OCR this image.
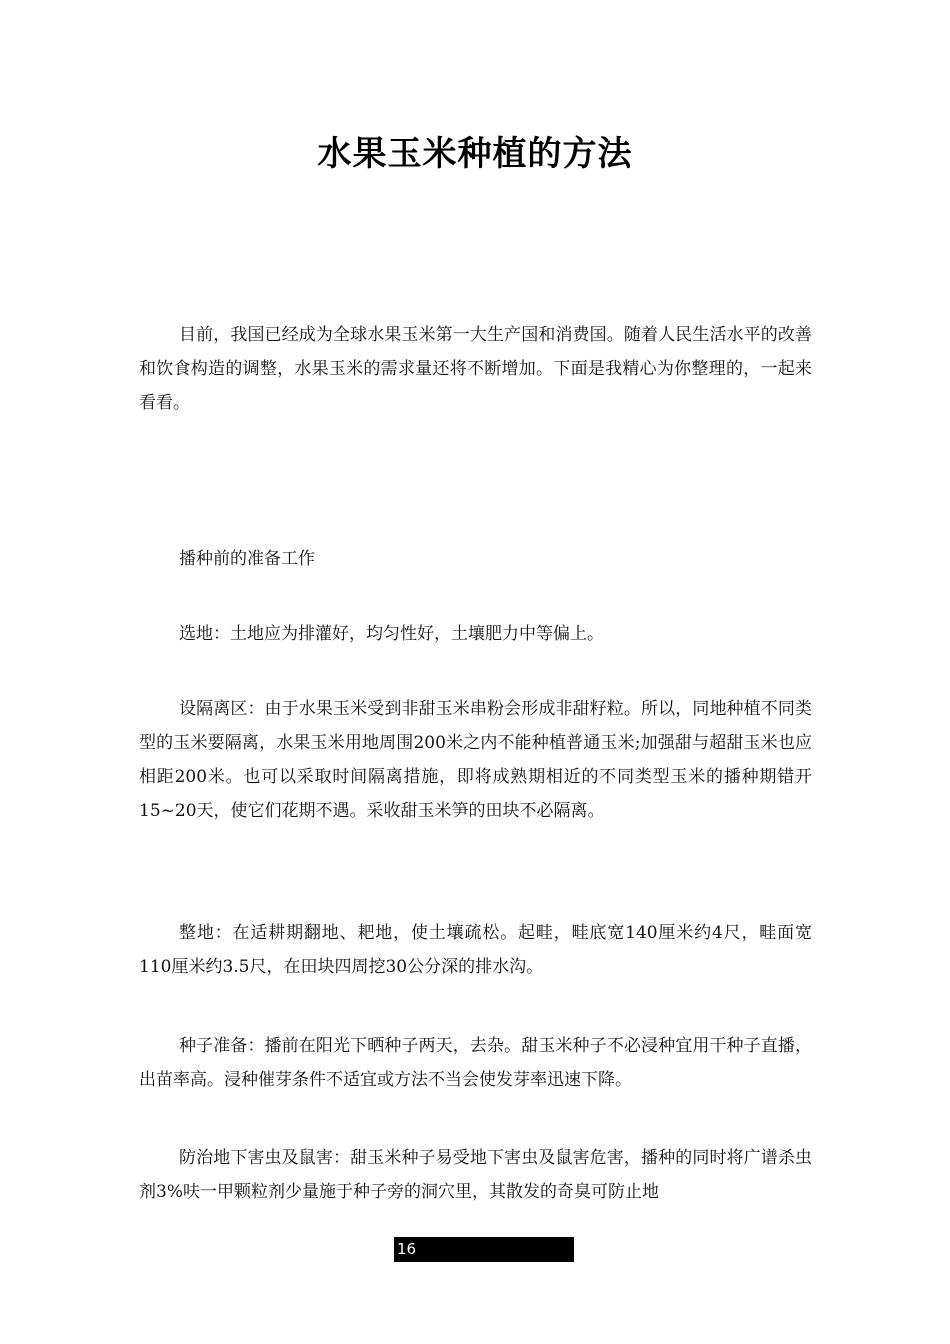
水果玉米种植的方法

目前，我国已经成为全球水果玉米第一大生产国和消费国。随着人民生活水平的改善和饮食构造的调整，水果玉米的需求量还将不断增加。下面是我精心为你整理的，一起来看看。

播种前的准备工作

选地：土地应为排灌好，均匀性好，土壤肥力中等偏上。

设隔离区：由于水果玉米受到非甜玉米串粉会形成非甜籽粒。所以，同地种植不同类型的玉米要隔离，水果玉米用地周围200米之内不能种植普通玉米;加强甜与超甜玉米也应相距200米。也可以采取时间隔离措施，即将成熟期相近的不同类型玉米的播种期错开15~20天，使它们花期不遇。采收甜玉米笋的田块不必隔离。

整地：在适耕期翻地、耙地，使土壤疏松。起畦，畦底宽140厘米约4尺，畦面宽110厘米约3.5尺，在田块四周挖30公分深的排水沟。

种子准备：播前在阳光下晒种子两天，去杂。甜玉米种子不必浸种宜用干种子直播，出苗率高。浸种催芽条件不适宜或方法不当会使发芽率迅速下降。

防治地下害虫及鼠害：甜玉米种子易受地下害虫及鼠害危害，播种的同时将广谱杀虫剂3%呋一甲颗粒剂少量施于种子旁的洞穴里，其散发的奇臭可防止地

16
